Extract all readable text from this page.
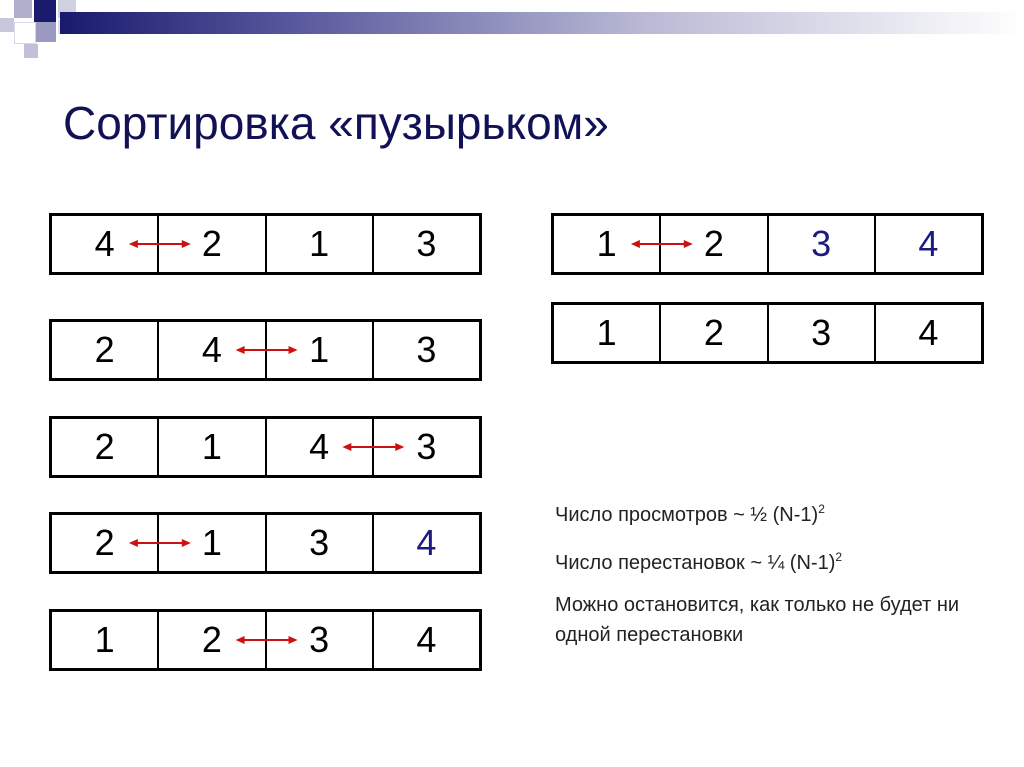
Сортировка «пузырьком»
4	2	1	3
2	4	1	3
2	1	4	3
2	1	3	4
1	2	3	4
1	2	3	4
1	2	3	4
Число просмотров ~ ½ $(N-1)^2$
Число перестановок ~ ¼ $(N-1)^2$
Можно остановится, как только не будет ни одной перестановки
